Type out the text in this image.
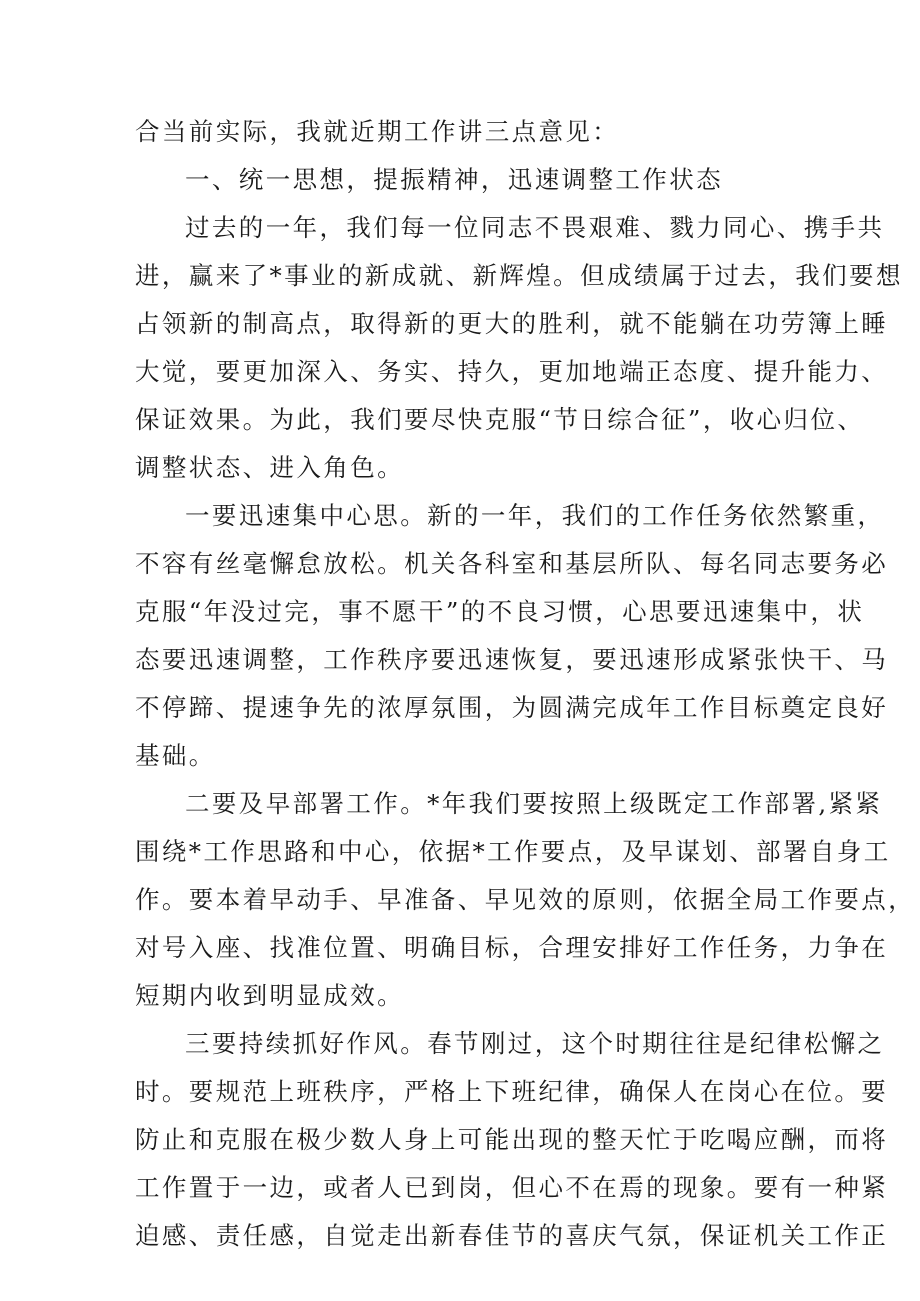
合当前实际，我就近期工作讲三点意见：

一、统一思想，提振精神，迅速调整工作状态

过去的一年，我们每一位同志不畏艰难、戮力同心、携手共

进，赢来了*事业的新成就、新辉煌。但成绩属于过去，我们要想

占领新的制高点，取得新的更大的胜利，就不能躺在功劳簿上睡

大觉，要更加深入、务实、持久，更加地端正态度、提升能力、

保证效果。为此，我们要尽快克服“节日综合征”，收心归位、

调整状态、进入角色。

一要迅速集中心思。新的一年，我们的工作任务依然繁重，

不容有丝毫懈怠放松。机关各科室和基层所队、每名同志要务必

克服“年没过完，事不愿干”的不良习惯，心思要迅速集中，状

态要迅速调整，工作秩序要迅速恢复，要迅速形成紧张快干、马

不停蹄、提速争先的浓厚氛围，为圆满完成年工作目标奠定良好

基础。

二要及早部署工作。*年我们要按照上级既定工作部署,紧紧

围绕*工作思路和中心，依据*工作要点，及早谋划、部署自身工

作。要本着早动手、早准备、早见效的原则，依据全局工作要点，

对号入座、找准位置、明确目标，合理安排好工作任务，力争在

短期内收到明显成效。

三要持续抓好作风。春节刚过，这个时期往往是纪律松懈之

时。要规范上班秩序，严格上下班纪律，确保人在岗心在位。要

防止和克服在极少数人身上可能出现的整天忙于吃喝应酬，而将

工作置于一边，或者人已到岗，但心不在焉的现象。要有一种紧

迫感、责任感，自觉走出新春佳节的喜庆气氛，保证机关工作正
